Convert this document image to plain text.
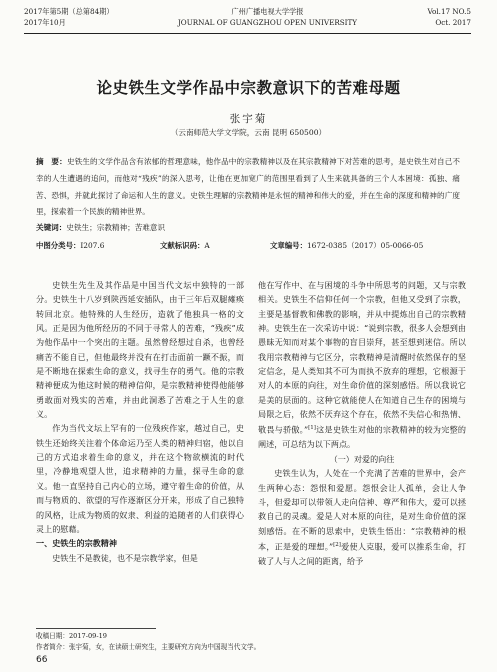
2017年第5期（总第84期）	广州广播电视大学学报	Vol.17 NO.5
2017年10月	JOURNAL OF GUANGZHOU OPEN UNIVERSITY	Oct. 2017
论史铁生文学作品中宗教意识下的苦难母题
张宇菊
（云南师范大学文学院，云南 昆明 650500）
摘　要：史铁生的文学作品含有浓郁的哲理意味，他作品中的宗教精神以及在其宗教精神下对苦难的思考，是史铁生对自己不幸的人生遭遇的追问，而他对“残疾”的深入思考，让他在更加宽广的范围里看到了人生来就具备的三个人本困境：孤独、痛苦、恐惧，并就此探讨了命运和人生的意义。史铁生理解的宗教精神是永恒的精神和伟大的爱，并在生命的深度和精神的广度里，探索着一个民族的精神世界。
关键词：史铁生；宗教精神；苦难意识
中图分类号：I207.6	文献标识码：A	文章编号：1672-0385（2017）05-0066-05

史铁生先生及其作品是中国当代文坛中独特的一部分。史铁生十八岁到陕西延安插队，由于三年后双腿瘫痪转回北京。他特殊的人生经历，造就了他独具一格的文风。正是因为他所经历的不同于寻常人的苦难，“残疾”成为他作品中一个突出的主题。虽然曾经想过自杀，也曾经痛苦不能自已，但他最终并没有在打击面前一蹶不振，而是不断地在探索生命的意义，找寻生存的勇气。他的宗教精神便成为他这时候的精神信仰，是宗教精神使得他能够勇敢面对残实的苦难，并由此洞悉了苦难之于人生的意义。

作为当代文坛上罕有的一位残疾作家，越过自己，史铁生还始终关注着个体命运乃至人类的精神归宿，他以自己的方式追求着生命的意义，并在这个物欲横流的时代里，冷静地观望人世，追求精神的力量，探寻生命的意义。他一直坚持自己内心的立场，遵守着生命的价值，从而与物质的、欲望的写作逐渐区分开来，形成了自己独特的风格，让成为物质的奴隶、利益的追随者的人们获得心灵上的慰藉。

一、史铁生的宗教精神

史铁生不是教徒，也不是宗教学家，但是

他在写作中、在与困境的斗争中所思考的问题，又与宗教相关。史铁生不信仰任何一个宗教，但他又受到了宗教，主要是基督教和佛教的影响，并从中提炼出自己的宗教精神。史铁生在一次采访中说：“说到宗教，很多人会想到由愚昧无知而对某个事物的盲目崇拜，甚至想到迷信。所以我用宗教精神与它区分，宗教精神是清醒时依然保存的坚定信念，是人类知其不可为而执不放弃的理想，它根源于对人的本原的向往，对生命价值的深刻感悟。所以我说它是美的层面的。这种它就能使人在知道自己生存的困境与局限之后，依然不厌弃这个存在，依然不失信心和热情、敬畏与骄傲。”[1]这是史铁生对他的宗教精神的较为完整的阐述，可总结为以下两点。

（一）对爱的向往

史铁生认为，人处在一个充满了苦难的世界中，会产生两种心态：怨恨和爱愿。怨恨会让人孤单，会让人争斗，但爱却可以带领人走向信神、尊严和伟大，爱可以拯救自己的灵魂。爱是人对本原的向往，是对生命价值的深刻感悟。在不断的思索中，史铁生悟出：“宗教精神的根本，正是爱的理想。”[2]爱使人克服，爱可以推系生命，打破了人与人之间的距离，给予

收稿日期：2017-09-19
作者简介：张宇菊，女，在读硕士研究生，主要研究方向为中国现当代文学。
66
